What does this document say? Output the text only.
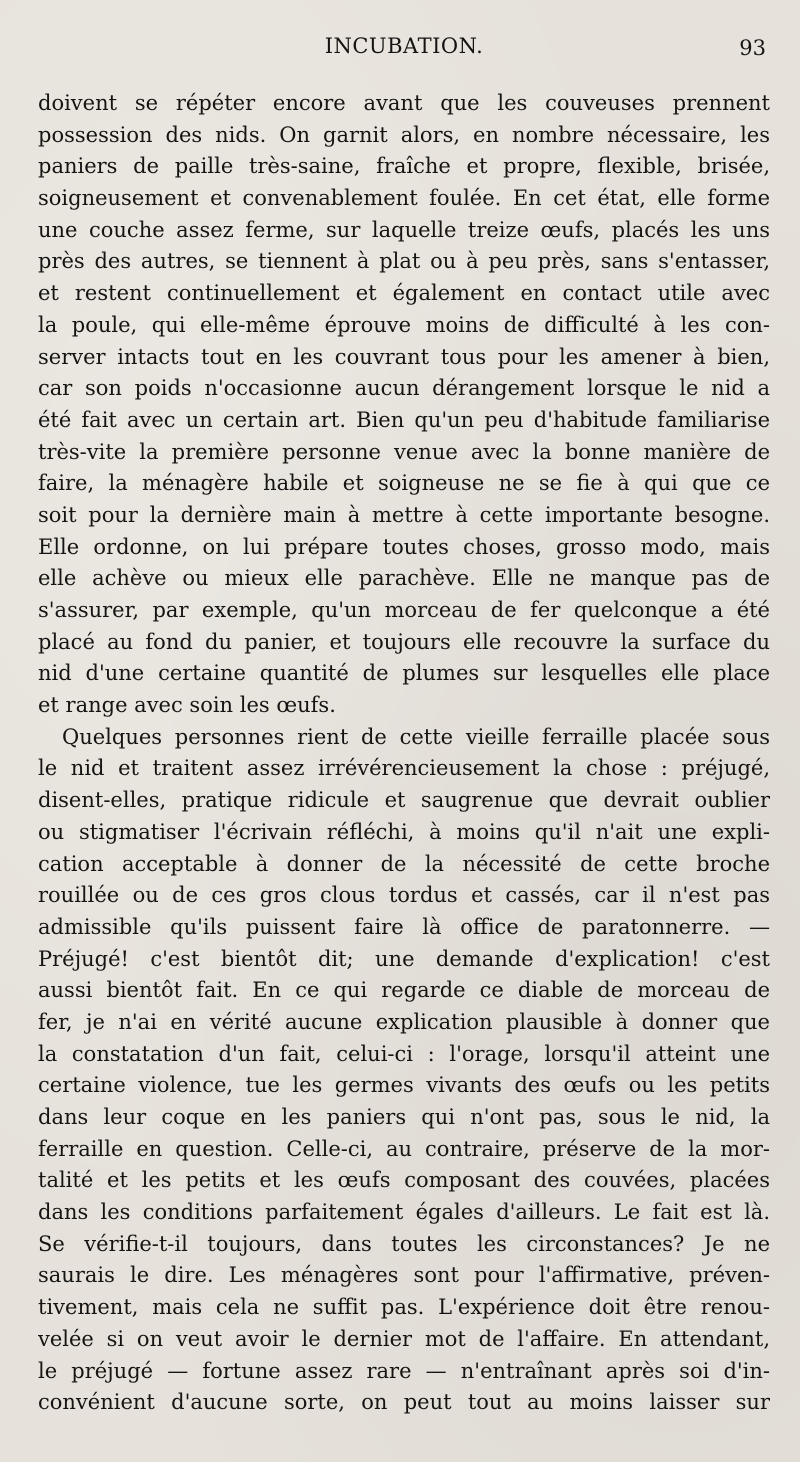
INCUBATION.	93
doivent se répéter encore avant que les couveuses prennent
possession des nids. On garnit alors, en nombre nécessaire, les
paniers de paille très-saine, fraîche et propre, flexible, brisée,
soigneusement et convenablement foulée. En cet état, elle forme
une couche assez ferme, sur laquelle treize œufs, placés les uns
près des autres, se tiennent à plat ou à peu près, sans s'entasser,
et restent continuellement et également en contact utile avec
la poule, qui elle-même éprouve moins de difficulté à les con-
server intacts tout en les couvrant tous pour les amener à bien,
car son poids n'occasionne aucun dérangement lorsque le nid a
été fait avec un certain art. Bien qu'un peu d'habitude familiarise
très-vite la première personne venue avec la bonne manière de
faire, la ménagère habile et soigneuse ne se fie à qui que ce
soit pour la dernière main à mettre à cette importante besogne.
Elle ordonne, on lui prépare toutes choses, grosso modo, mais
elle achève ou mieux elle parachève. Elle ne manque pas de
s'assurer, par exemple, qu'un morceau de fer quelconque a été
placé au fond du panier, et toujours elle recouvre la surface du
nid d'une certaine quantité de plumes sur lesquelles elle place
et range avec soin les œufs.
Quelques personnes rient de cette vieille ferraille placée sous
le nid et traitent assez irrévérencieusement la chose : préjugé,
disent-elles, pratique ridicule et saugrenue que devrait oublier
ou stigmatiser l'écrivain réfléchi, à moins qu'il n'ait une expli-
cation acceptable à donner de la nécessité de cette broche
rouillée ou de ces gros clous tordus et cassés, car il n'est pas
admissible qu'ils puissent faire là office de paratonnerre. —
Préjugé! c'est bientôt dit; une demande d'explication! c'est
aussi bientôt fait. En ce qui regarde ce diable de morceau de
fer, je n'ai en vérité aucune explication plausible à donner que
la constatation d'un fait, celui-ci : l'orage, lorsqu'il atteint une
certaine violence, tue les germes vivants des œufs ou les petits
dans leur coque en les paniers qui n'ont pas, sous le nid, la
ferraille en question. Celle-ci, au contraire, préserve de la mor-
talité et les petits et les œufs composant des couvées, placées
dans les conditions parfaitement égales d'ailleurs. Le fait est là.
Se vérifie-t-il toujours, dans toutes les circonstances? Je ne
saurais le dire. Les ménagères sont pour l'affirmative, préven-
tivement, mais cela ne suffit pas. L'expérience doit être renou-
velée si on veut avoir le dernier mot de l'affaire. En attendant,
le préjugé — fortune assez rare — n'entraînant après soi d'in-
convénient d'aucune sorte, on peut tout au moins laisser sur
